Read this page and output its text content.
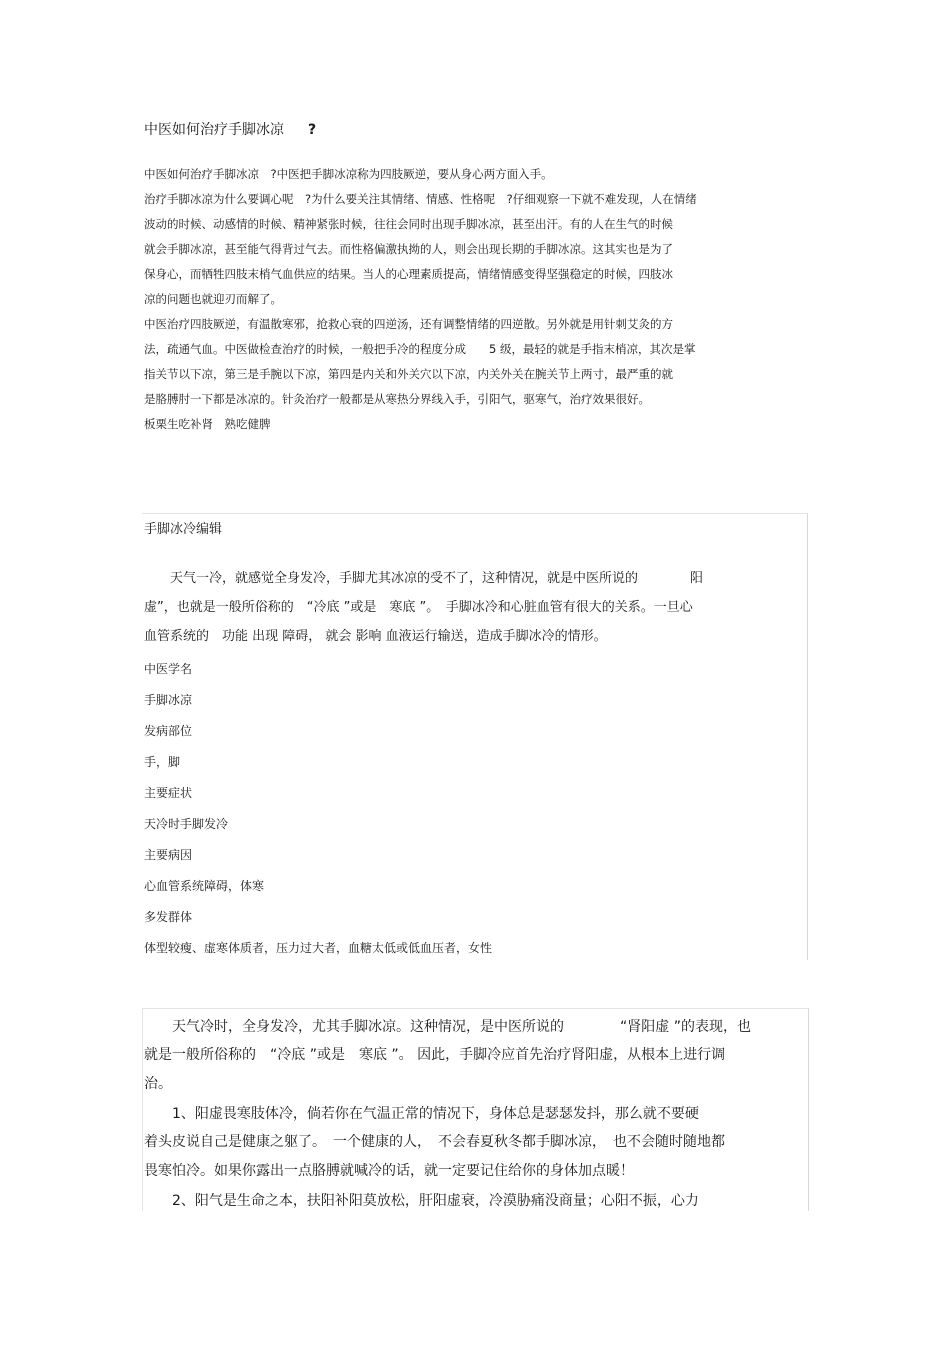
中医如何治疗手脚冰凉 ?
中医如何治疗手脚冰凉　?中医把手脚冰凉称为四肢厥逆，要从身心两方面入手。
治疗手脚冰凉为什么要调心呢　?为什么要关注其情绪、情感、性格呢　?仔细观察一下就不难发现，人在情绪
波动的时候、动感情的时候、精神紧张时候，往往会同时出现手脚冰凉，甚至出汗。有的人在生气的时候
就会手脚冰凉，甚至能气得背过气去。而性格偏激执拗的人，则会出现长期的手脚冰凉。这其实也是为了
保身心，而牺牲四肢末梢气血供应的结果。当人的心理素质提高，情绪情感变得坚强稳定的时候，四肢冰
凉的问题也就迎刃而解了。
中医治疗四肢厥逆，有温散寒邪，抢救心衰的四逆汤，还有调整情绪的四逆散。另外就是用针刺艾灸的方
法，疏通气血。中医做检查治疗的时候，一般把手冷的程度分成　　5 级，最轻的就是手指末梢凉，其次是掌
指关节以下凉，第三是手腕以下凉，第四是内关和外关穴以下凉，内关外关在腕关节上两寸，最严重的就
是胳膊肘一下都是冰凉的。针灸治疗一般都是从寒热分界线入手，引阳气，驱寒气，治疗效果很好。
板栗生吃补肾　熟吃健脾
手脚冰冷编辑
　　天气一冷，就感觉全身发冷，手脚尤其冰凉的受不了，这种情况，就是中医所说的　　　　阳
虚”，也就是一般所俗称的　“冷底 ”或是　寒底 ”。　手脚冰冷和心脏血管有很大的关系。一旦心
血管系统的　功能 出现 障碍， 就会 影响 血液运行输送，造成手脚冰冷的情形。
中医学名
手脚冰凉
发病部位
手，脚
主要症状
天冷时手脚发冷
主要病因
心血管系统障碍，体寒
多发群体
体型较瘦、虚寒体质者，压力过大者，血糖太低或低血压者，女性
　　天气冷时，全身发冷，尤其手脚冰凉。这种情况，是中医所说的　　　　“肾阳虚 ”的表现，也
就是一般所俗称的　“冷底 ”或是　寒底 ”。 因此，手脚冷应首先治疗肾阳虚，从根本上进行调
治。
　　1、阳虚畏寒肢体冷，倘若你在气温正常的情况下，身体总是瑟瑟发抖，那么就不要硬
着头皮说自己是健康之躯了。　一个健康的人，　不会春夏秋冬都手脚冰凉，　也不会随时随地都
畏寒怕冷。如果你露出一点胳膊就喊冷的话，就一定要记住给你的身体加点暖！
　　2、阳气是生命之本，扶阳补阳莫放松，肝阳虚衰，冷漠胁痛没商量；心阳不振，心力
